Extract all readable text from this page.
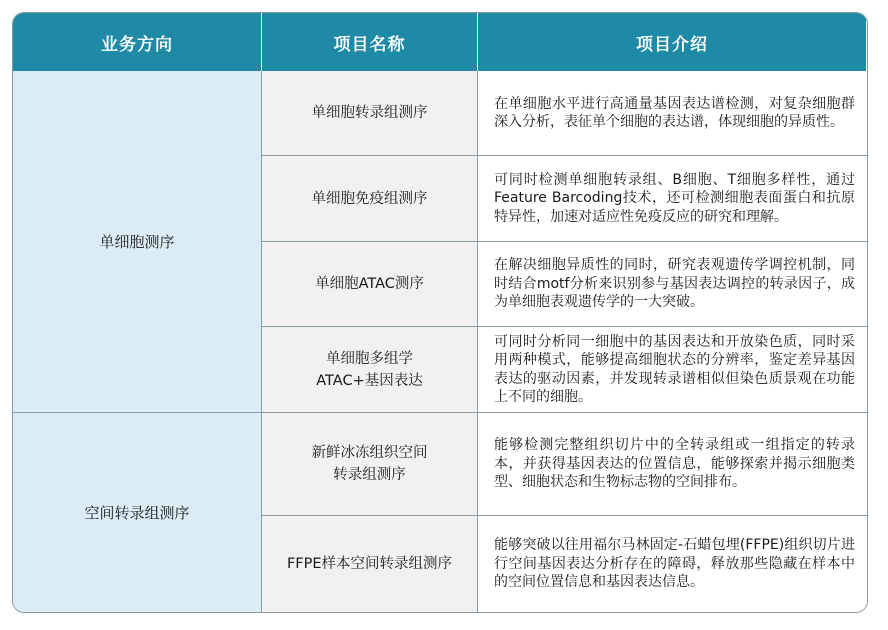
业务方向	项目名称	项目介绍
单细胞测序
空间转录组测序
单细胞转录组测序
在单细胞水平进行高通量基因表达谱检测，对复杂细胞群深入分析，表征单个细胞的表达谱，体现细胞的异质性。
单细胞免疫组测序
可同时检测单细胞转录组、B细胞、T细胞多样性，通过Feature Barcoding技术，还可检测细胞表面蛋白和抗原特异性，加速对适应性免疫反应的研究和理解。
单细胞ATAC测序
在解决细胞异质性的同时，研究表观遗传学调控机制，同时结合motf分析来识别参与基因表达调控的转录因子，成为单细胞表观遗传学的一大突破。
单细胞多组学
ATAC+基因表达
可同时分析同一细胞中的基因表达和开放染色质，同时采用两种模式，能够提高细胞状态的分辨率，鉴定差异基因表达的驱动因素，并发现转录谱相似但染色质景观在功能上不同的细胞。
新鲜冰冻组织空间
转录组测序
能够检测完整组织切片中的全转录组或一组指定的转录本，并获得基因表达的位置信息，能够探索并揭示细胞类型、细胞状态和生物标志物的空间排布。
FFPE样本空间转录组测序
能够突破以往用福尔马林固定-石蜡包埋(FFPE)组织切片进行空间基因表达分析存在的障碍，释放那些隐藏在样本中的空间位置信息和基因表达信息。
